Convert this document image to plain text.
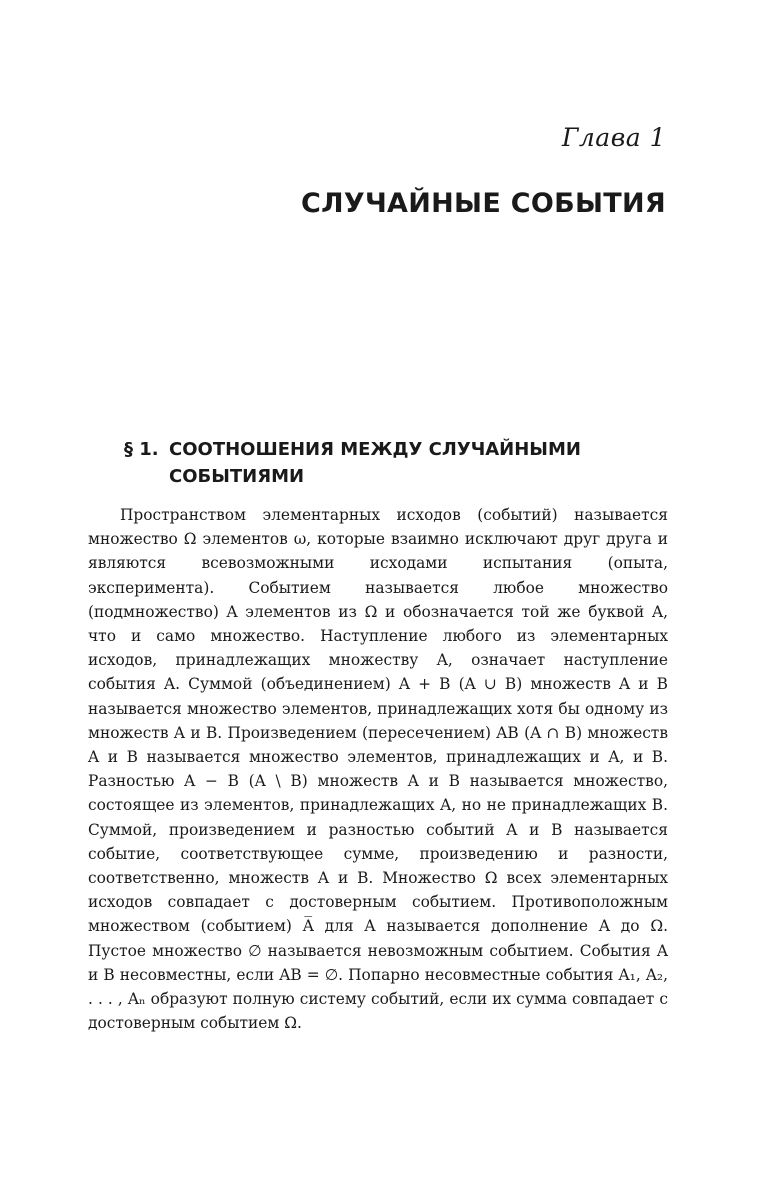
Глава 1
СЛУЧАЙНЫЕ СОБЫТИЯ
§ 1. СООТНОШЕНИЯ МЕЖДУ СЛУЧАЙНЫМИ
СОБЫТИЯМИ

Пространством элементарных исходов (событий) называется множество Ω элементов ω, которые взаимно исключают друг друга и являются всевозможными исходами испытания (опыта, эксперимента). Событием называется любое множество (подмножество) A элементов из Ω и обозначается той же буквой A, что и само множество. Наступление любого из элементарных исходов, принадлежащих множеству A, означает наступление события A. Суммой (объединением) A + B (A ∪ B) множеств A и B называется множество элементов, принадлежащих хотя бы одному из множеств A и B. Произведением (пересечением) AB (A ∩ B) множеств A и B называется множество элементов, принадлежащих и A, и B. Разностью A − B (A \ B) множеств A и B называется множество, состоящее из элементов, принадлежащих A, но не принадлежащих B. Суммой, произведением и разностью событий A и B называется событие, соответствующее сумме, произведению и разности, соответственно, множеств A и B. Множество Ω всех элементарных исходов совпадает с достоверным событием. Противоположным множеством (событием) A̅ для A называется дополнение A до Ω. Пустое множество ∅ называется невозможным событием. События A и B несовместны, если AB = ∅. Попарно несовместные события A₁, A₂, . . . , Aₙ образуют полную систему событий, если их сумма совпадает с достоверным событием Ω.
